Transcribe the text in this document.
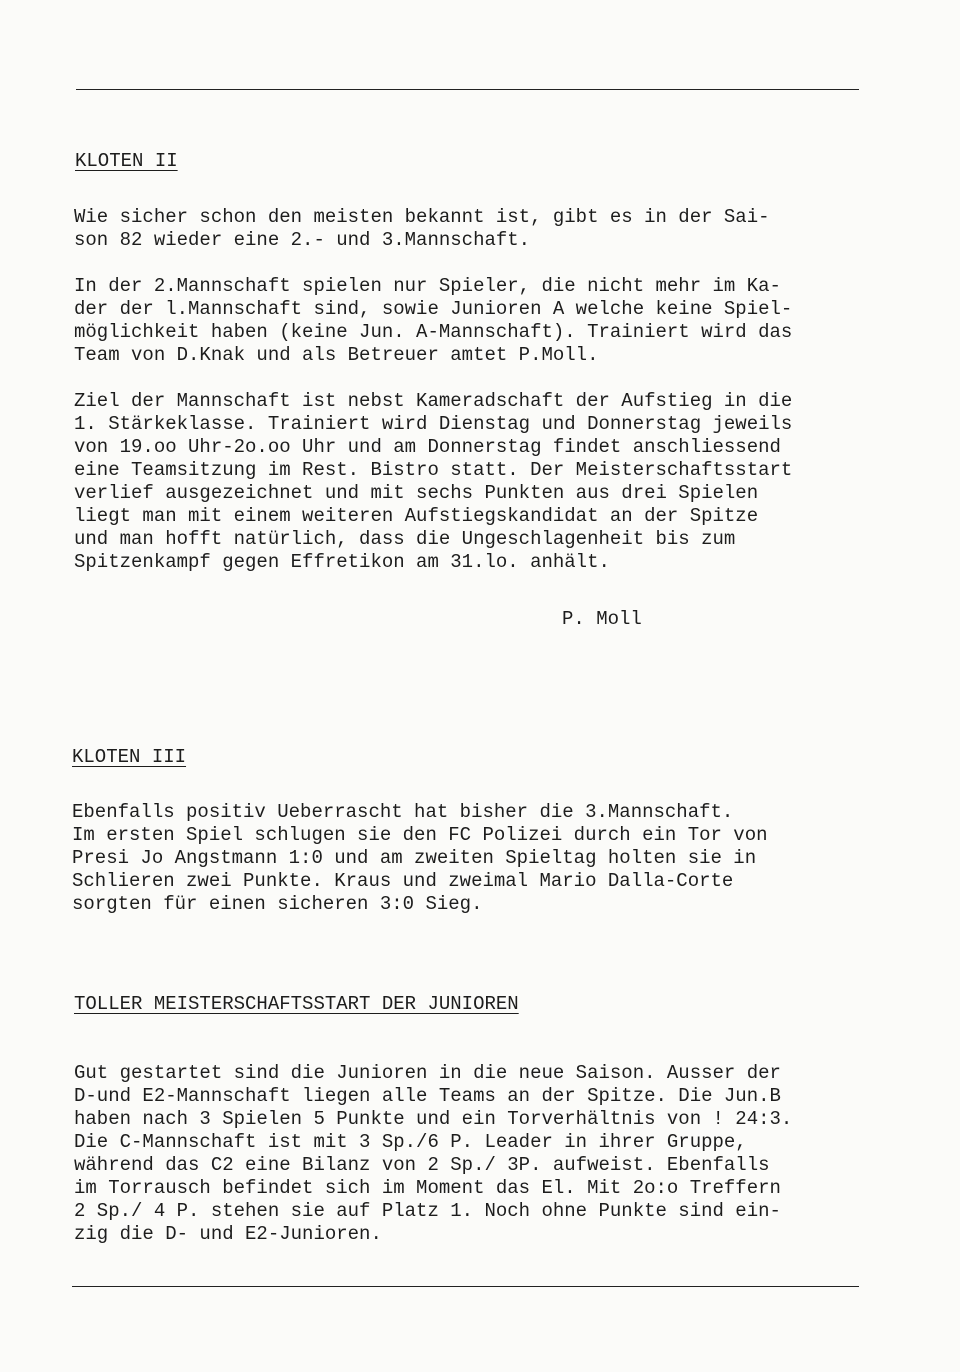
KLOTEN II
Wie sicher schon den meisten bekannt ist, gibt es in der Sai-
son 82 wieder eine 2.- und 3.Mannschaft.
In der 2.Mannschaft spielen nur Spieler, die nicht mehr im Ka-
der der l.Mannschaft sind, sowie Junioren A welche keine Spiel-
möglichkeit haben (keine Jun. A-Mannschaft). Trainiert wird das
Team von D.Knak und als Betreuer amtet P.Moll.
Ziel der Mannschaft ist nebst Kameradschaft der Aufstieg in die
1. Stärkeklasse. Trainiert wird Dienstag und Donnerstag jeweils
von 19.oo Uhr-2o.oo Uhr und am Donnerstag findet anschliessend
eine Teamsitzung im Rest. Bistro statt. Der Meisterschaftsstart
verlief ausgezeichnet und mit sechs Punkten aus drei Spielen
liegt man mit einem weiteren Aufstiegskandidat an der Spitze
und man hofft natürlich, dass die Ungeschlagenheit bis zum
Spitzenkampf gegen Effretikon am 31.lo. anhält.
P. Moll
KLOTEN III
Ebenfalls positiv Ueberrascht hat bisher die 3.Mannschaft.
Im ersten Spiel schlugen sie den FC Polizei durch ein Tor von
Presi Jo Angstmann 1:0 und am zweiten Spieltag holten sie in
Schlieren zwei Punkte. Kraus und zweimal Mario Dalla-Corte
sorgten für einen sicheren 3:0 Sieg.
TOLLER MEISTERSCHAFTSSTART DER JUNIOREN
Gut gestartet sind die Junioren in die neue Saison. Ausser der
D-und E2-Mannschaft liegen alle Teams an der Spitze. Die Jun.B
haben nach 3 Spielen 5 Punkte und ein Torverhältnis von ! 24:3.
Die C-Mannschaft ist mit 3 Sp./6 P. Leader in ihrer Gruppe,
während das C2 eine Bilanz von 2 Sp./ 3P. aufweist. Ebenfalls
im Torrausch befindet sich im Moment das El. Mit 2o:o Treffern
2 Sp./ 4 P. stehen sie auf Platz 1. Noch ohne Punkte sind ein-
zig die D- und E2-Junioren.
